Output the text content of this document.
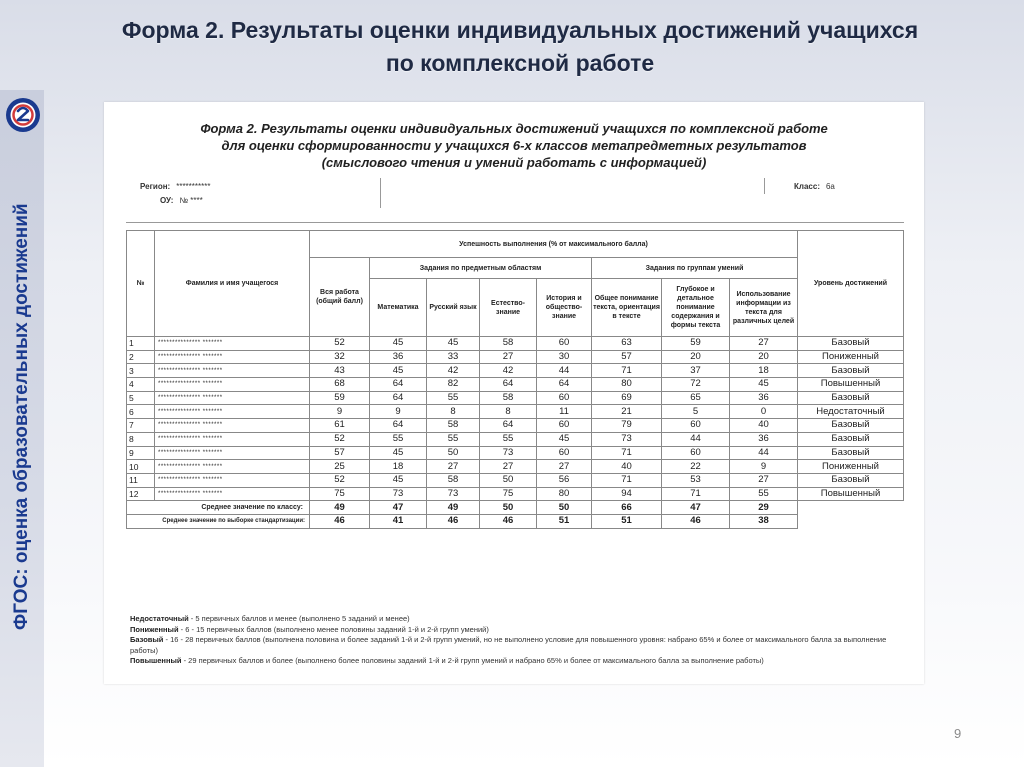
ФГОС: оценка образовательных достижений
Форма 2. Результаты оценки индивидуальных достижений учащихся
по комплексной работе
Форма 2. Результаты оценки индивидуальных достижений учащихся по комплексной работе
для оценки сформированности у учащихся 6-х классов метапредметных результатов
(смыслового чтения и умений работать с информацией)
Регион: ***********
ОУ: № ****
Класс: 6а
№	Фамилия и имя учащегося	Успешность выполнения (% от максимального балла)								Уровень достижений
		Вся работа (общий балл)	Задания по предметным областям				Задания по группам умений			
			Математика	Русский язык	Естество-знание	История и общество-знание	Общее понимание текста, ориентация в тексте	Глубокое и детальное понимание содержания и формы текста	Использование информации из текста для различных целей	
1	*************** *******	52	45	45	58	60	63	59	27	Базовый
2	*************** *******	32	36	33	27	30	57	20	20	Пониженный
3	*************** *******	43	45	42	42	44	71	37	18	Базовый
4	*************** *******	68	64	82	64	64	80	72	45	Повышенный
5	*************** *******	59	64	55	58	60	69	65	36	Базовый
6	*************** *******	9	9	8	8	11	21	5	0	Недостаточный
7	*************** *******	61	64	58	64	60	79	60	40	Базовый
8	*************** *******	52	55	55	55	45	73	44	36	Базовый
9	*************** *******	57	45	50	73	60	71	60	44	Базовый
10	*************** *******	25	18	27	27	27	40	22	9	Пониженный
11	*************** *******	52	45	58	50	56	71	53	27	Базовый
12	*************** *******	75	73	73	75	80	94	71	55	Повышенный
Среднее значение по классу:		49	47	49	50	50	66	47	29	
Среднее значение по выборке стандартизации:		46	41	46	46	51	51	46	38	
Недостаточный - 5 первичных баллов и менее (выполнено 5 заданий и менее)
Пониженный - 6 - 15 первичных баллов (выполнено менее половины заданий 1-й и 2-й групп умений)
Базовый - 16 - 28 первичных баллов (выполнена половина и более заданий 1-й и 2-й групп умений, но не выполнено условие для повышенного уровня: набрано 65% и более от максимального балла за выполнение работы)
Повышенный - 29 первичных баллов и более (выполнено более половины заданий 1-й и 2-й групп умений и набрано 65% и более от максимального балла за выполнение работы)
9
